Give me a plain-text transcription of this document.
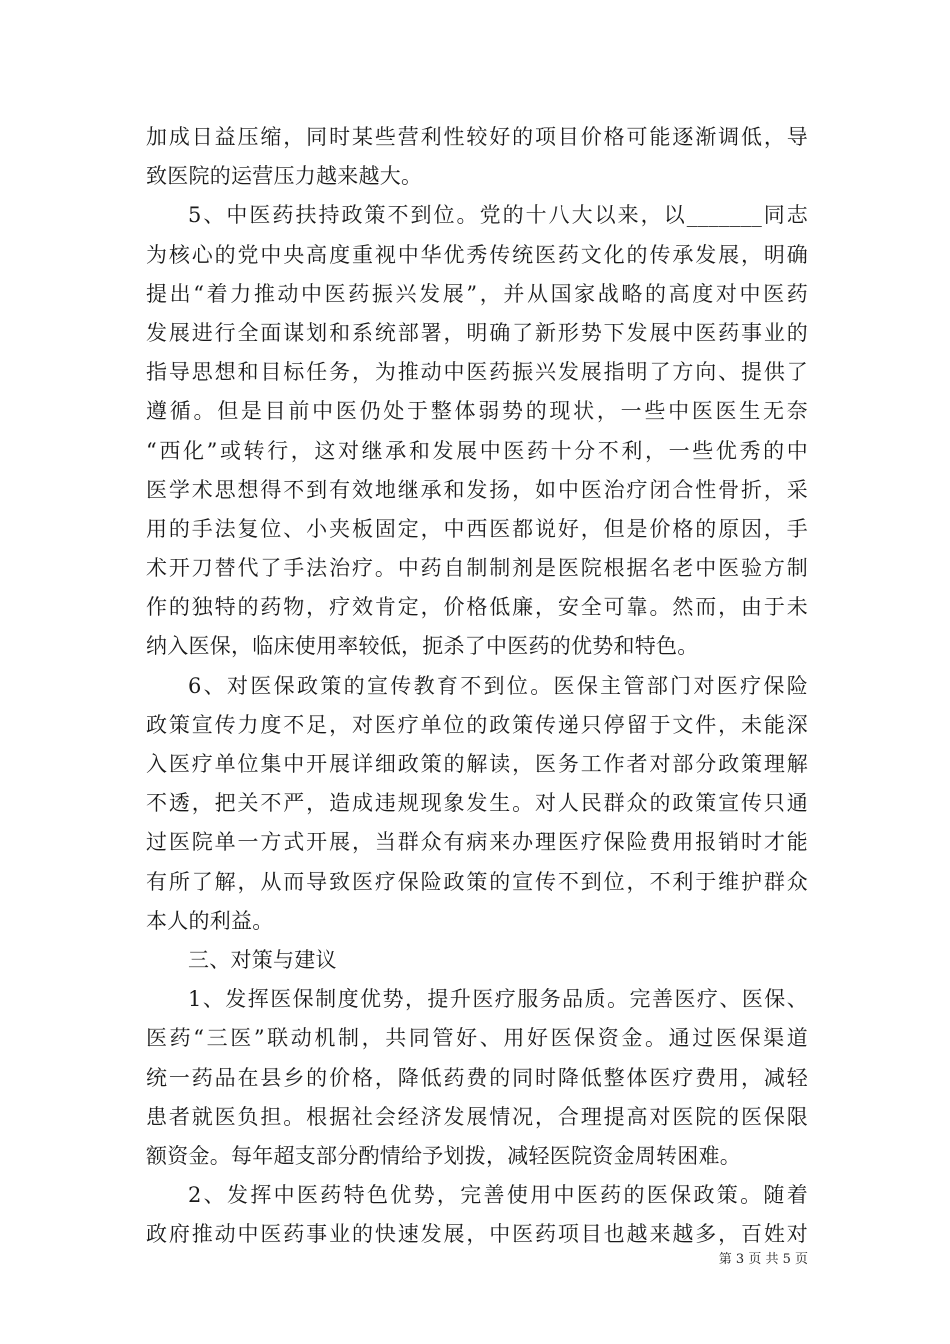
加成日益压缩，同时某些营利性较好的项目价格可能逐渐调低，导
致医院的运营压力越来越大。
5、中医药扶持政策不到位。党的十八大以来，以_______同志
为核心的党中央高度重视中华优秀传统医药文化的传承发展，明确
提出“着力推动中医药振兴发展”，并从国家战略的高度对中医药
发展进行全面谋划和系统部署，明确了新形势下发展中医药事业的
指导思想和目标任务，为推动中医药振兴发展指明了方向、提供了
遵循。但是目前中医仍处于整体弱势的现状，一些中医医生无奈
“西化”或转行，这对继承和发展中医药十分不利，一些优秀的中
医学术思想得不到有效地继承和发扬，如中医治疗闭合性骨折，采
用的手法复位、小夹板固定，中西医都说好，但是价格的原因，手
术开刀替代了手法治疗。中药自制制剂是医院根据名老中医验方制
作的独特的药物，疗效肯定，价格低廉，安全可靠。然而，由于未
纳入医保，临床使用率较低，扼杀了中医药的优势和特色。
6、对医保政策的宣传教育不到位。医保主管部门对医疗保险
政策宣传力度不足，对医疗单位的政策传递只停留于文件，未能深
入医疗单位集中开展详细政策的解读，医务工作者对部分政策理解
不透，把关不严，造成违规现象发生。对人民群众的政策宣传只通
过医院单一方式开展，当群众有病来办理医疗保险费用报销时才能
有所了解，从而导致医疗保险政策的宣传不到位，不利于维护群众
本人的利益。
三、对策与建议
1、发挥医保制度优势，提升医疗服务品质。完善医疗、医保、
医药“三医”联动机制，共同管好、用好医保资金。通过医保渠道
统一药品在县乡的价格，降低药费的同时降低整体医疗费用，减轻
患者就医负担。根据社会经济发展情况，合理提高对医院的医保限
额资金。每年超支部分酌情给予划拨，减轻医院资金周转困难。
2、发挥中医药特色优势，完善使用中医药的医保政策。随着
政府推动中医药事业的快速发展，中医药项目也越来越多，百姓对
第 3 页 共 5 页
